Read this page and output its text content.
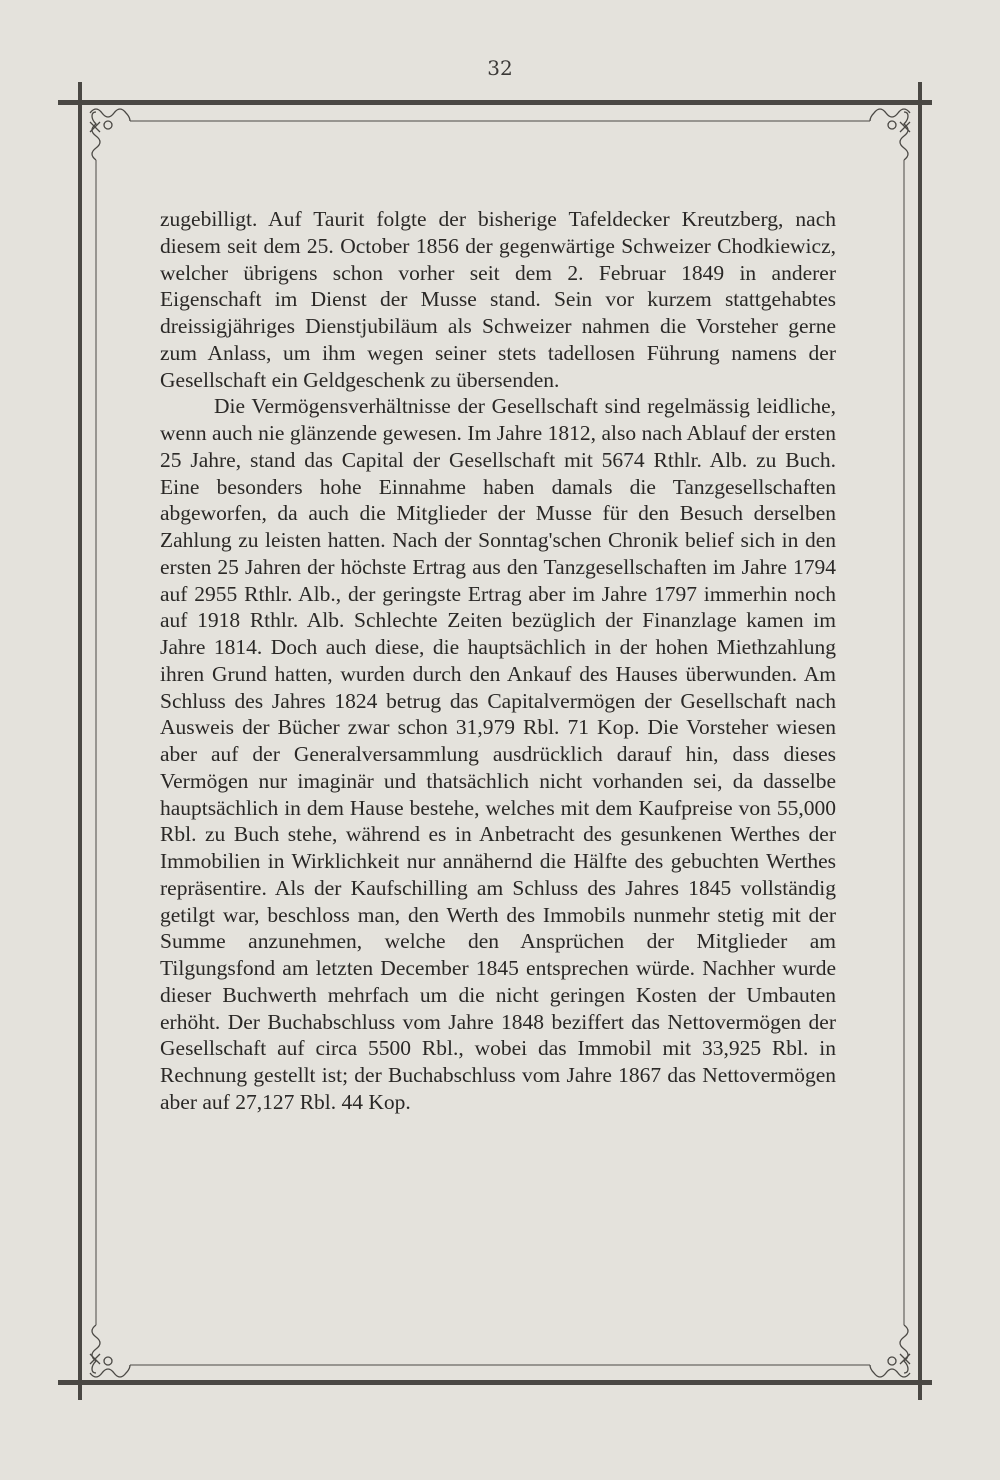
32

zugebilligt. Auf Taurit folgte der bisherige Tafeldecker Kreutzberg, nach diesem seit dem 25. October 1856 der gegenwärtige Schweizer Chodkiewicz, welcher übrigens schon vorher seit dem 2. Februar 1849 in anderer Eigenschaft im Dienst der Musse stand. Sein vor kurzem stattgehabtes dreissigjähriges Dienstjubiläum als Schweizer nahmen die Vorsteher gerne zum Anlass, um ihm wegen seiner stets tadellosen Führung namens der Gesellschaft ein Geldgeschenk zu übersenden.

Die Vermögensverhältnisse der Gesellschaft sind regelmässig leidliche, wenn auch nie glänzende gewesen. Im Jahre 1812, also nach Ablauf der ersten 25 Jahre, stand das Capital der Gesellschaft mit 5674 Rthlr. Alb. zu Buch. Eine besonders hohe Einnahme haben damals die Tanzgesellschaften abgeworfen, da auch die Mitglieder der Musse für den Besuch derselben Zahlung zu leisten hatten. Nach der Sonntag'schen Chronik belief sich in den ersten 25 Jahren der höchste Ertrag aus den Tanzgesellschaften im Jahre 1794 auf 2955 Rthlr. Alb., der geringste Ertrag aber im Jahre 1797 immerhin noch auf 1918 Rthlr. Alb. Schlechte Zeiten bezüglich der Finanzlage kamen im Jahre 1814. Doch auch diese, die hauptsächlich in der hohen Miethzahlung ihren Grund hatten, wurden durch den Ankauf des Hauses überwunden. Am Schluss des Jahres 1824 betrug das Capitalvermögen der Gesellschaft nach Ausweis der Bücher zwar schon 31,979 Rbl. 71 Kop. Die Vorsteher wiesen aber auf der Generalversammlung ausdrücklich darauf hin, dass dieses Vermögen nur imaginär und thatsächlich nicht vorhanden sei, da dasselbe hauptsächlich in dem Hause bestehe, welches mit dem Kaufpreise von 55,000 Rbl. zu Buch stehe, während es in Anbetracht des gesunkenen Werthes der Immobilien in Wirklichkeit nur annähernd die Hälfte des gebuchten Werthes repräsentire. Als der Kaufschilling am Schluss des Jahres 1845 vollständig getilgt war, beschloss man, den Werth des Immobils nunmehr stetig mit der Summe anzunehmen, welche den Ansprüchen der Mitglieder am Tilgungsfond am letzten December 1845 entsprechen würde. Nachher wurde dieser Buchwerth mehrfach um die nicht geringen Kosten der Umbauten erhöht. Der Buchabschluss vom Jahre 1848 beziffert das Nettovermögen der Gesellschaft auf circa 5500 Rbl., wobei das Immobil mit 33,925 Rbl. in Rechnung gestellt ist; der Buchabschluss vom Jahre 1867 das Nettovermögen aber auf 27,127 Rbl. 44 Kop.
